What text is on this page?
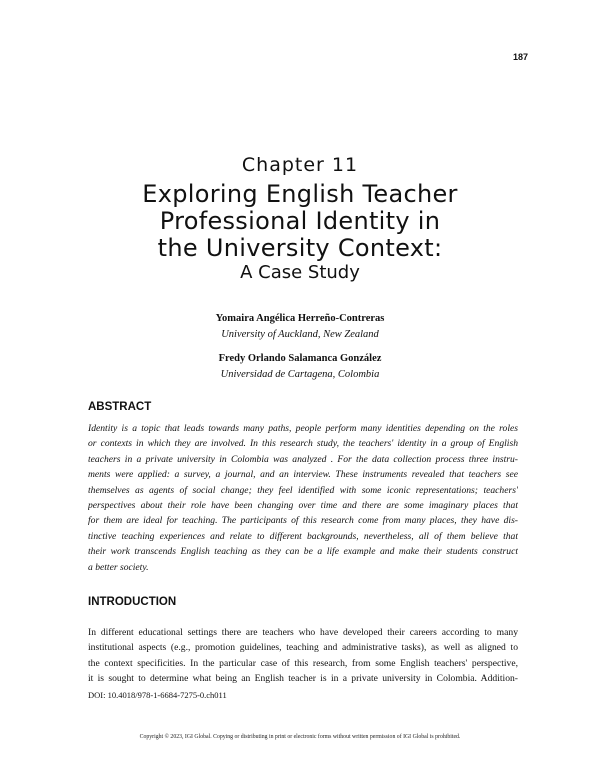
187
Chapter 11
Exploring English Teacher
Professional Identity in
the University Context:
A Case Study
Yomaira Angélica Herreño-Contreras
University of Auckland, New Zealand
Fredy Orlando Salamanca González
Universidad de Cartagena, Colombia
ABSTRACT

Identity is a topic that leads towards many paths, people perform many identities depending on the roles
or contexts in which they are involved. In this research study, the teachers' identity in a group of English
teachers in a private university in Colombia was analyzed . For the data collection process three instru-
ments were applied: a survey, a journal, and an interview. These instruments revealed that teachers see
themselves as agents of social change; they feel identified with some iconic representations; teachers'
perspectives about their role have been changing over time and there are some imaginary places that
for them are ideal for teaching. The participants of this research come from many places, they have dis-
tinctive teaching experiences and relate to different backgrounds, nevertheless, all of them believe that
their work transcends English teaching as they can be a life example and make their students construct
a better society.

INTRODUCTION

In different educational settings there are teachers who have developed their careers according to many
institutional aspects (e.g., promotion guidelines, teaching and administrative tasks), as well as aligned to
the context specificities. In the particular case of this research, from some English teachers' perspective,
it is sought to determine what being an English teacher is in a private university in Colombia. Addition-

DOI: 10.4018/978-1-6684-7275-0.ch011
Copyright © 2023, IGI Global. Copying or distributing in print or electronic forms without written permission of IGI Global is prohibited.
